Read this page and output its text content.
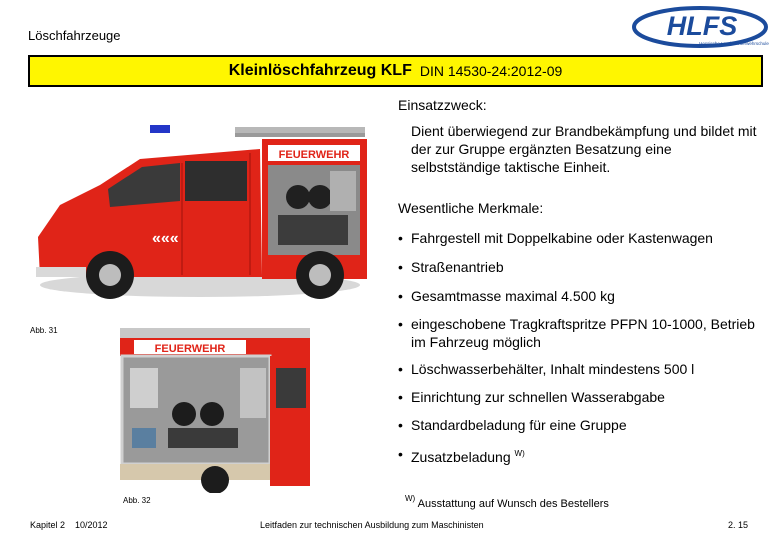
Löschfahrzeuge	HLFS
Hessische Landesfeuerwehrschule
Kleinlöschfahrzeug KLF DIN 14530-24:2012-09
«««
FEUERWEHR
Abb. 31
FEUERWEHR
Abb. 32
Einsatzzweck:
Dient überwiegend zur Brandbekämpfung und bildet mit der zur Gruppe ergänzten Besatzung eine selbstständige taktische Einheit.
Wesentliche Merkmale:
• Fahrgestell mit Doppelkabine oder Kastenwagen
• Straßenantrieb
• Gesamtmasse maximal 4.500 kg
• eingeschobene Tragkraftspritze PFPN 10-1000, Betrieb im Fahrzeug möglich
• Löschwasserbehälter, Inhalt mindestens 500 l
• Einrichtung zur schnellen Wasserabgabe
• Standardbeladung für eine Gruppe
• Zusatzbeladung $^{W)}$
$^{W)}$ Ausstattung auf Wunsch des Bestellers
Kapitel 2 10/2012	Leitfaden zur technischen Ausbildung zum Maschinisten	2. 15
